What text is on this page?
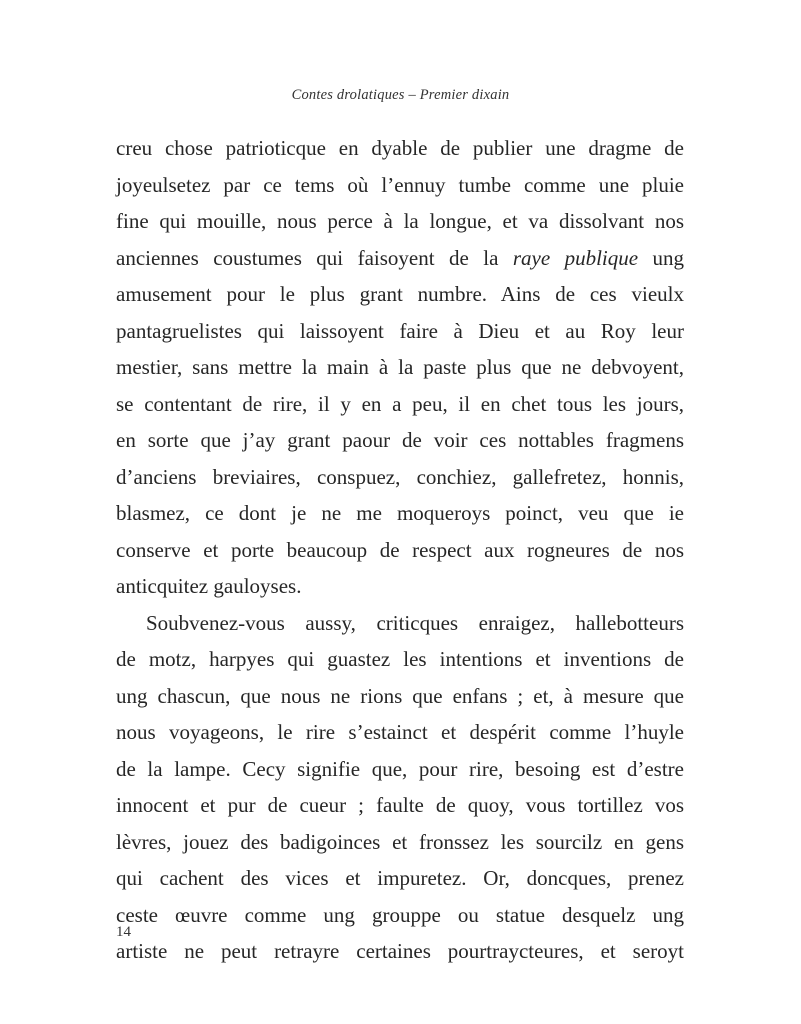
Contes drolatiques – Premier dixain
creu chose patrioticque en dyable de publier une dragme de
joyeulsetez par ce tems où l’ennuy tumbe comme une pluie
fine qui mouille, nous perce à la longue, et va dissolvant nos
anciennes coustumes qui faisoyent de la raye publique ung
amusement pour le plus grant numbre. Ains de ces vieulx
pantagruelistes qui laissoyent faire à Dieu et au Roy leur
mestier, sans mettre la main à la paste plus que ne debvoyent,
se contentant de rire, il y en a peu, il en chet tous les jours,
en sorte que j’ay grant paour de voir ces nottables fragmens
d’anciens breviaires, conspuez, conchiez, gallefretez, honnis,
blasmez, ce dont je ne me moqueroys poinct, veu que ie
conserve et porte beaucoup de respect aux rogneures de nos
anticquitez gauloyses.
Soubvenez-vous aussy, criticques enraigez, hallebotteurs
de motz, harpyes qui guastez les intentions et inventions de
ung chascun, que nous ne rions que enfans ; et, à mesure que
nous voyageons, le rire s’estainct et despérit comme l’huyle
de la lampe. Cecy signifie que, pour rire, besoing est d’estre
innocent et pur de cueur ; faulte de quoy, vous tortillez vos
lèvres, jouez des badigoinces et fronssez les sourcilz en gens
qui cachent des vices et impuretez. Or, doncques, prenez
ceste œuvre comme ung grouppe ou statue desquelz ung
artiste ne peut retrayre certaines pourtraycteures, et seroyt
14
